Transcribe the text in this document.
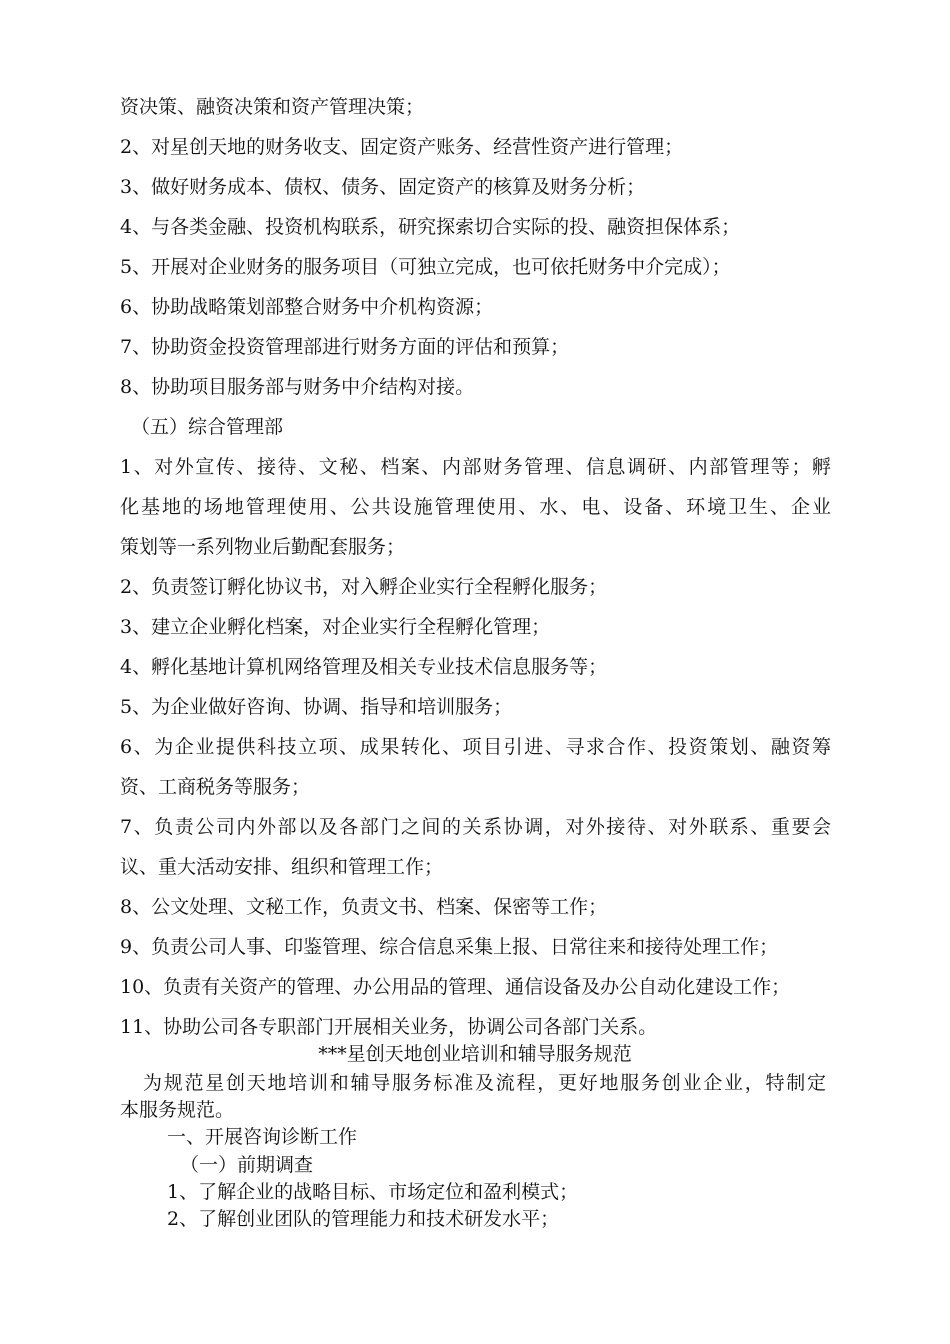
资决策、融资决策和资产管理决策；
2、对星创天地的财务收支、固定资产账务、经营性资产进行管理；
3、做好财务成本、债权、债务、固定资产的核算及财务分析；
4、与各类金融、投资机构联系，研究探索切合实际的投、融资担保体系；
5、开展对企业财务的服务项目（可独立完成，也可依托财务中介完成）；
6、协助战略策划部整合财务中介机构资源；
7、协助资金投资管理部进行财务方面的评估和预算；
8、协助项目服务部与财务中介结构对接。
（五）综合管理部
1、对外宣传、接待、文秘、档案、内部财务管理、信息调研、内部管理等；孵
化基地的场地管理使用、公共设施管理使用、水、电、设备、环境卫生、企业
策划等一系列物业后勤配套服务；
2、负责签订孵化协议书，对入孵企业实行全程孵化服务；
3、建立企业孵化档案，对企业实行全程孵化管理；
4、孵化基地计算机网络管理及相关专业技术信息服务等；
5、为企业做好咨询、协调、指导和培训服务；
6、为企业提供科技立项、成果转化、项目引进、寻求合作、投资策划、融资筹
资、工商税务等服务；
7、负责公司内外部以及各部门之间的关系协调，对外接待、对外联系、重要会
议、重大活动安排、组织和管理工作；
8、公文处理、文秘工作，负责文书、档案、保密等工作；
9、负责公司人事、印鉴管理、综合信息采集上报、日常往来和接待处理工作；
10、负责有关资产的管理、办公用品的管理、通信设备及办公自动化建设工作；
11、协助公司各专职部门开展相关业务，协调公司各部门关系。
***星创天地创业培训和辅导服务规范
为规范星创天地培训和辅导服务标准及流程，更好地服务创业企业，特制定
本服务规范。
一、开展咨询诊断工作
（一）前期调查
1、了解企业的战略目标、市场定位和盈利模式；
2、了解创业团队的管理能力和技术研发水平；
